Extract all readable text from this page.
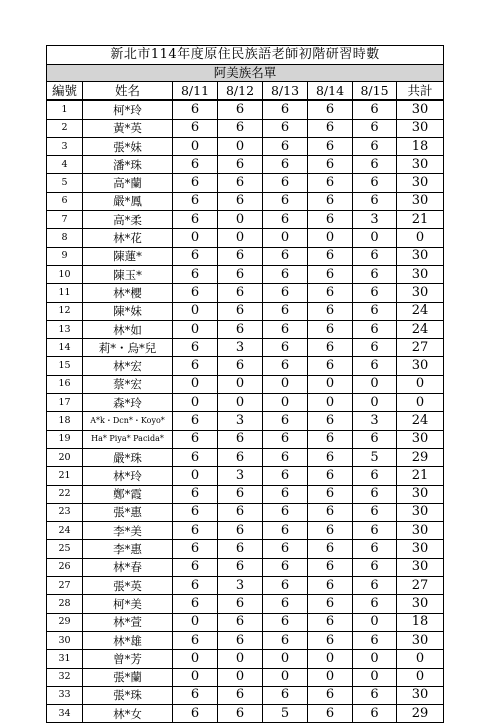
新北市114年度原住民族語老師初階研習時數							
阿美族名單							
編號	姓名	8/11	8/12	8/13	8/14	8/15	共計
1	柯*玲	6	6	6	6	6	30
2	黃*英	6	6	6	6	6	30
3	張*妹	0	0	6	6	6	18
4	潘*珠	6	6	6	6	6	30
5	高*蘭	6	6	6	6	6	30
6	嚴*鳳	6	6	6	6	6	30
7	高*柔	6	0	6	6	3	21
8	林*花	0	0	0	0	0	0
9	陳蓮*	6	6	6	6	6	30
10	陳玉*	6	6	6	6	6	30
11	林*櫻	6	6	6	6	6	30
12	陳*妹	0	6	6	6	6	24
13	林*如	0	6	6	6	6	24
14	莉*・烏*兒	6	3	6	6	6	27
15	林*宏	6	6	6	6	6	30
16	蔡*宏	0	0	0	0	0	0
17	森*玲	0	0	0	0	0	0
18	A*k・Dcn*・Koyo*	6	3	6	6	3	24
19	Ha* Piya* Pacida*	6	6	6	6	6	30
20	嚴*珠	6	6	6	6	5	29
21	林*玲	0	3	6	6	6	21
22	鄭*霞	6	6	6	6	6	30
23	張*惠	6	6	6	6	6	30
24	李*美	6	6	6	6	6	30
25	李*惠	6	6	6	6	6	30
26	林*春	6	6	6	6	6	30
27	張*英	6	3	6	6	6	27
28	柯*美	6	6	6	6	6	30
29	林*萱	0	6	6	6	0	18
30	林*雄	6	6	6	6	6	30
31	曾*芳	0	0	0	0	0	0
32	張*蘭	0	0	0	0	0	0
33	張*珠	6	6	6	6	6	30
34	林*女	6	6	5	6	6	29
